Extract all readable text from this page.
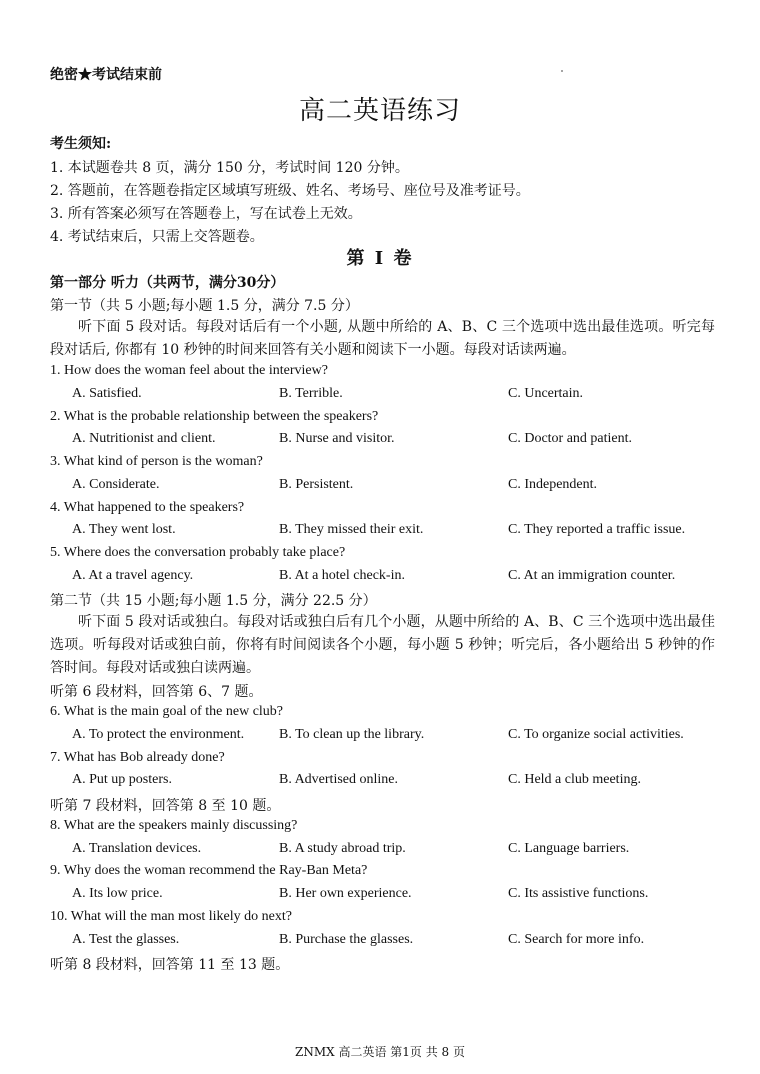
绝密★考试结束前
高二英语练习
考生须知:
1. 本试题卷共 8 页，满分 150 分，考试时间 120 分钟。
2. 答题前，在答题卷指定区域填写班级、姓名、考场号、座位号及准考证号。
3. 所有答案必须写在答题卷上，写在试卷上无效。
4. 考试结束后，只需上交答题卷。
第 I 卷
第一部分 听力（共两节，满分30分）
第一节（共 5 小题;每小题 1.5 分，满分 7.5 分）
听下面 5 段对话。每段对话后有一个小题, 从题中所给的 A、B、C 三个选项中选出最佳选项。听完每段对话后, 你都有 10 秒钟的时间来回答有关小题和阅读下一小题。每段对话读两遍。
1. How does the woman feel about the interview?
A. Satisfied.	B. Terrible.	C. Uncertain.
2. What is the probable relationship between the speakers?
A. Nutritionist and client.	B. Nurse and visitor.	C. Doctor and patient.
3. What kind of person is the woman?
A. Considerate.	B. Persistent.	C. Independent.
4. What happened to the speakers?
A. They went lost.	B. They missed their exit.	C. They reported a traffic issue.
5. Where does the conversation probably take place?
A. At a travel agency.	B. At a hotel check-in.	C. At an immigration counter.
第二节（共 15 小题;每小题 1.5 分，满分 22.5 分）
听下面 5 段对话或独白。每段对话或独白后有几个小题，从题中所给的 A、B、C 三个选项中选出最佳选项。听每段对话或独白前，你将有时间阅读各个小题，每小题 5 秒钟；听完后，各小题给出 5 秒钟的作答时间。每段对话或独白读两遍。
听第 6 段材料，回答第 6、7 题。
6. What is the main goal of the new club?
A. To protect the environment. B. To clean up the library.	C. To organize social activities.
7. What has Bob already done?
A. Put up posters.	B. Advertised online.	C. Held a club meeting.
听第 7 段材料，回答第 8 至 10 题。
8. What are the speakers mainly discussing?
A. Translation devices.	B. A study abroad trip.	C. Language barriers.
9. Why does the woman recommend the Ray-Ban Meta?
A. Its low price.	B. Her own experience.	C. Its assistive functions.
10. What will the man most likely do next?
A. Test the glasses.	B. Purchase the glasses.	C. Search for more info.
听第 8 段材料，回答第 11 至 13 题。
ZNMX 高二英语 第1页 共 8 页
